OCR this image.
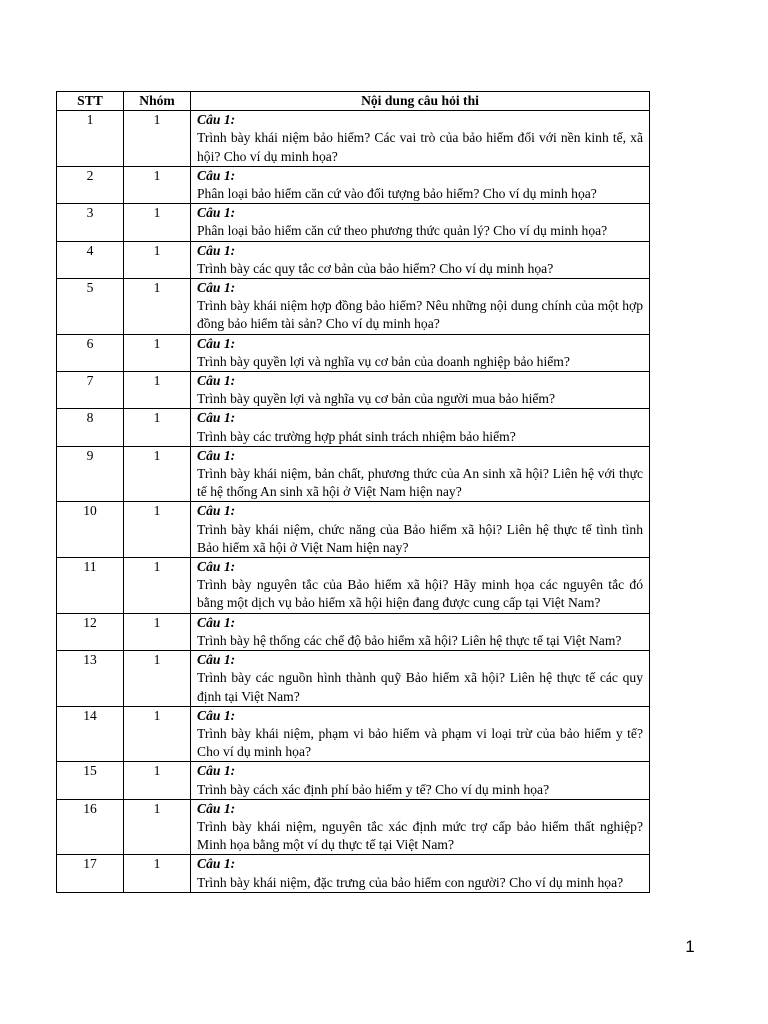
STT	Nhóm	Nội dung câu hỏi thi
1	1	Câu 1:
Trình bày khái niệm bảo hiểm? Các vai trò của bảo hiểm đối với nền kinh tế, xã hội? Cho ví dụ minh họa?

2	1	Câu 1:
Phân loại bảo hiểm căn cứ vào đối tượng bảo hiểm? Cho ví dụ minh họa?

3	1	Câu 1:
Phân loại bảo hiểm căn cứ theo phương thức quản lý? Cho ví dụ minh họa?

4	1	Câu 1:
Trình bày các quy tắc cơ bản của bảo hiểm? Cho ví dụ minh họa?

5	1	Câu 1:
Trình bày khái niệm hợp đồng bảo hiểm? Nêu những nội dung chính của một hợp đồng bảo hiểm tài sản? Cho ví dụ minh họa?

6	1	Câu 1:
Trình bày quyền lợi và nghĩa vụ cơ bản của doanh nghiệp bảo hiểm?

7	1	Câu 1:
Trình bày quyền lợi và nghĩa vụ cơ bản của người mua bảo hiểm?

8	1	Câu 1:
Trình bày các trường hợp phát sinh trách nhiệm bảo hiểm?

9	1	Câu 1:
Trình bày khái niệm, bản chất, phương thức của An sinh xã hội? Liên hệ với thực tế hệ thống An sinh xã hội ở Việt Nam hiện nay?

10	1	Câu 1:
Trình bày khái niệm, chức năng của Bảo hiểm xã hội? Liên hệ thực tế tình tình Bảo hiểm xã hội ở Việt Nam hiện nay?

11	1	Câu 1:
Trình bày nguyên tắc của Bảo hiểm xã hội? Hãy minh họa các nguyên tắc đó bằng một dịch vụ bảo hiểm xã hội hiện đang được cung cấp tại Việt Nam?

12	1	Câu 1:
Trình bày hệ thống các chế độ bảo hiểm xã hội? Liên hệ thực tế tại Việt Nam?

13	1	Câu 1:
Trình bày các nguồn hình thành quỹ Bảo hiểm xã hội? Liên hệ thực tế các quy định tại Việt Nam?

14	1	Câu 1:
Trình bày khái niệm, phạm vi bảo hiểm và phạm vi loại trừ của bảo hiểm y tế? Cho ví dụ minh họa?

15	1	Câu 1:
Trình bày cách xác định phí bảo hiểm y tế? Cho ví dụ minh họa?

16	1	Câu 1:
Trình bày khái niệm, nguyên tắc xác định mức trợ cấp bảo hiểm thất nghiệp? Minh họa bằng một ví dụ thực tế tại Việt Nam?

17	1	Câu 1:
Trình bày khái niệm, đặc trưng của bảo hiểm con người? Cho ví dụ minh họa?
1
